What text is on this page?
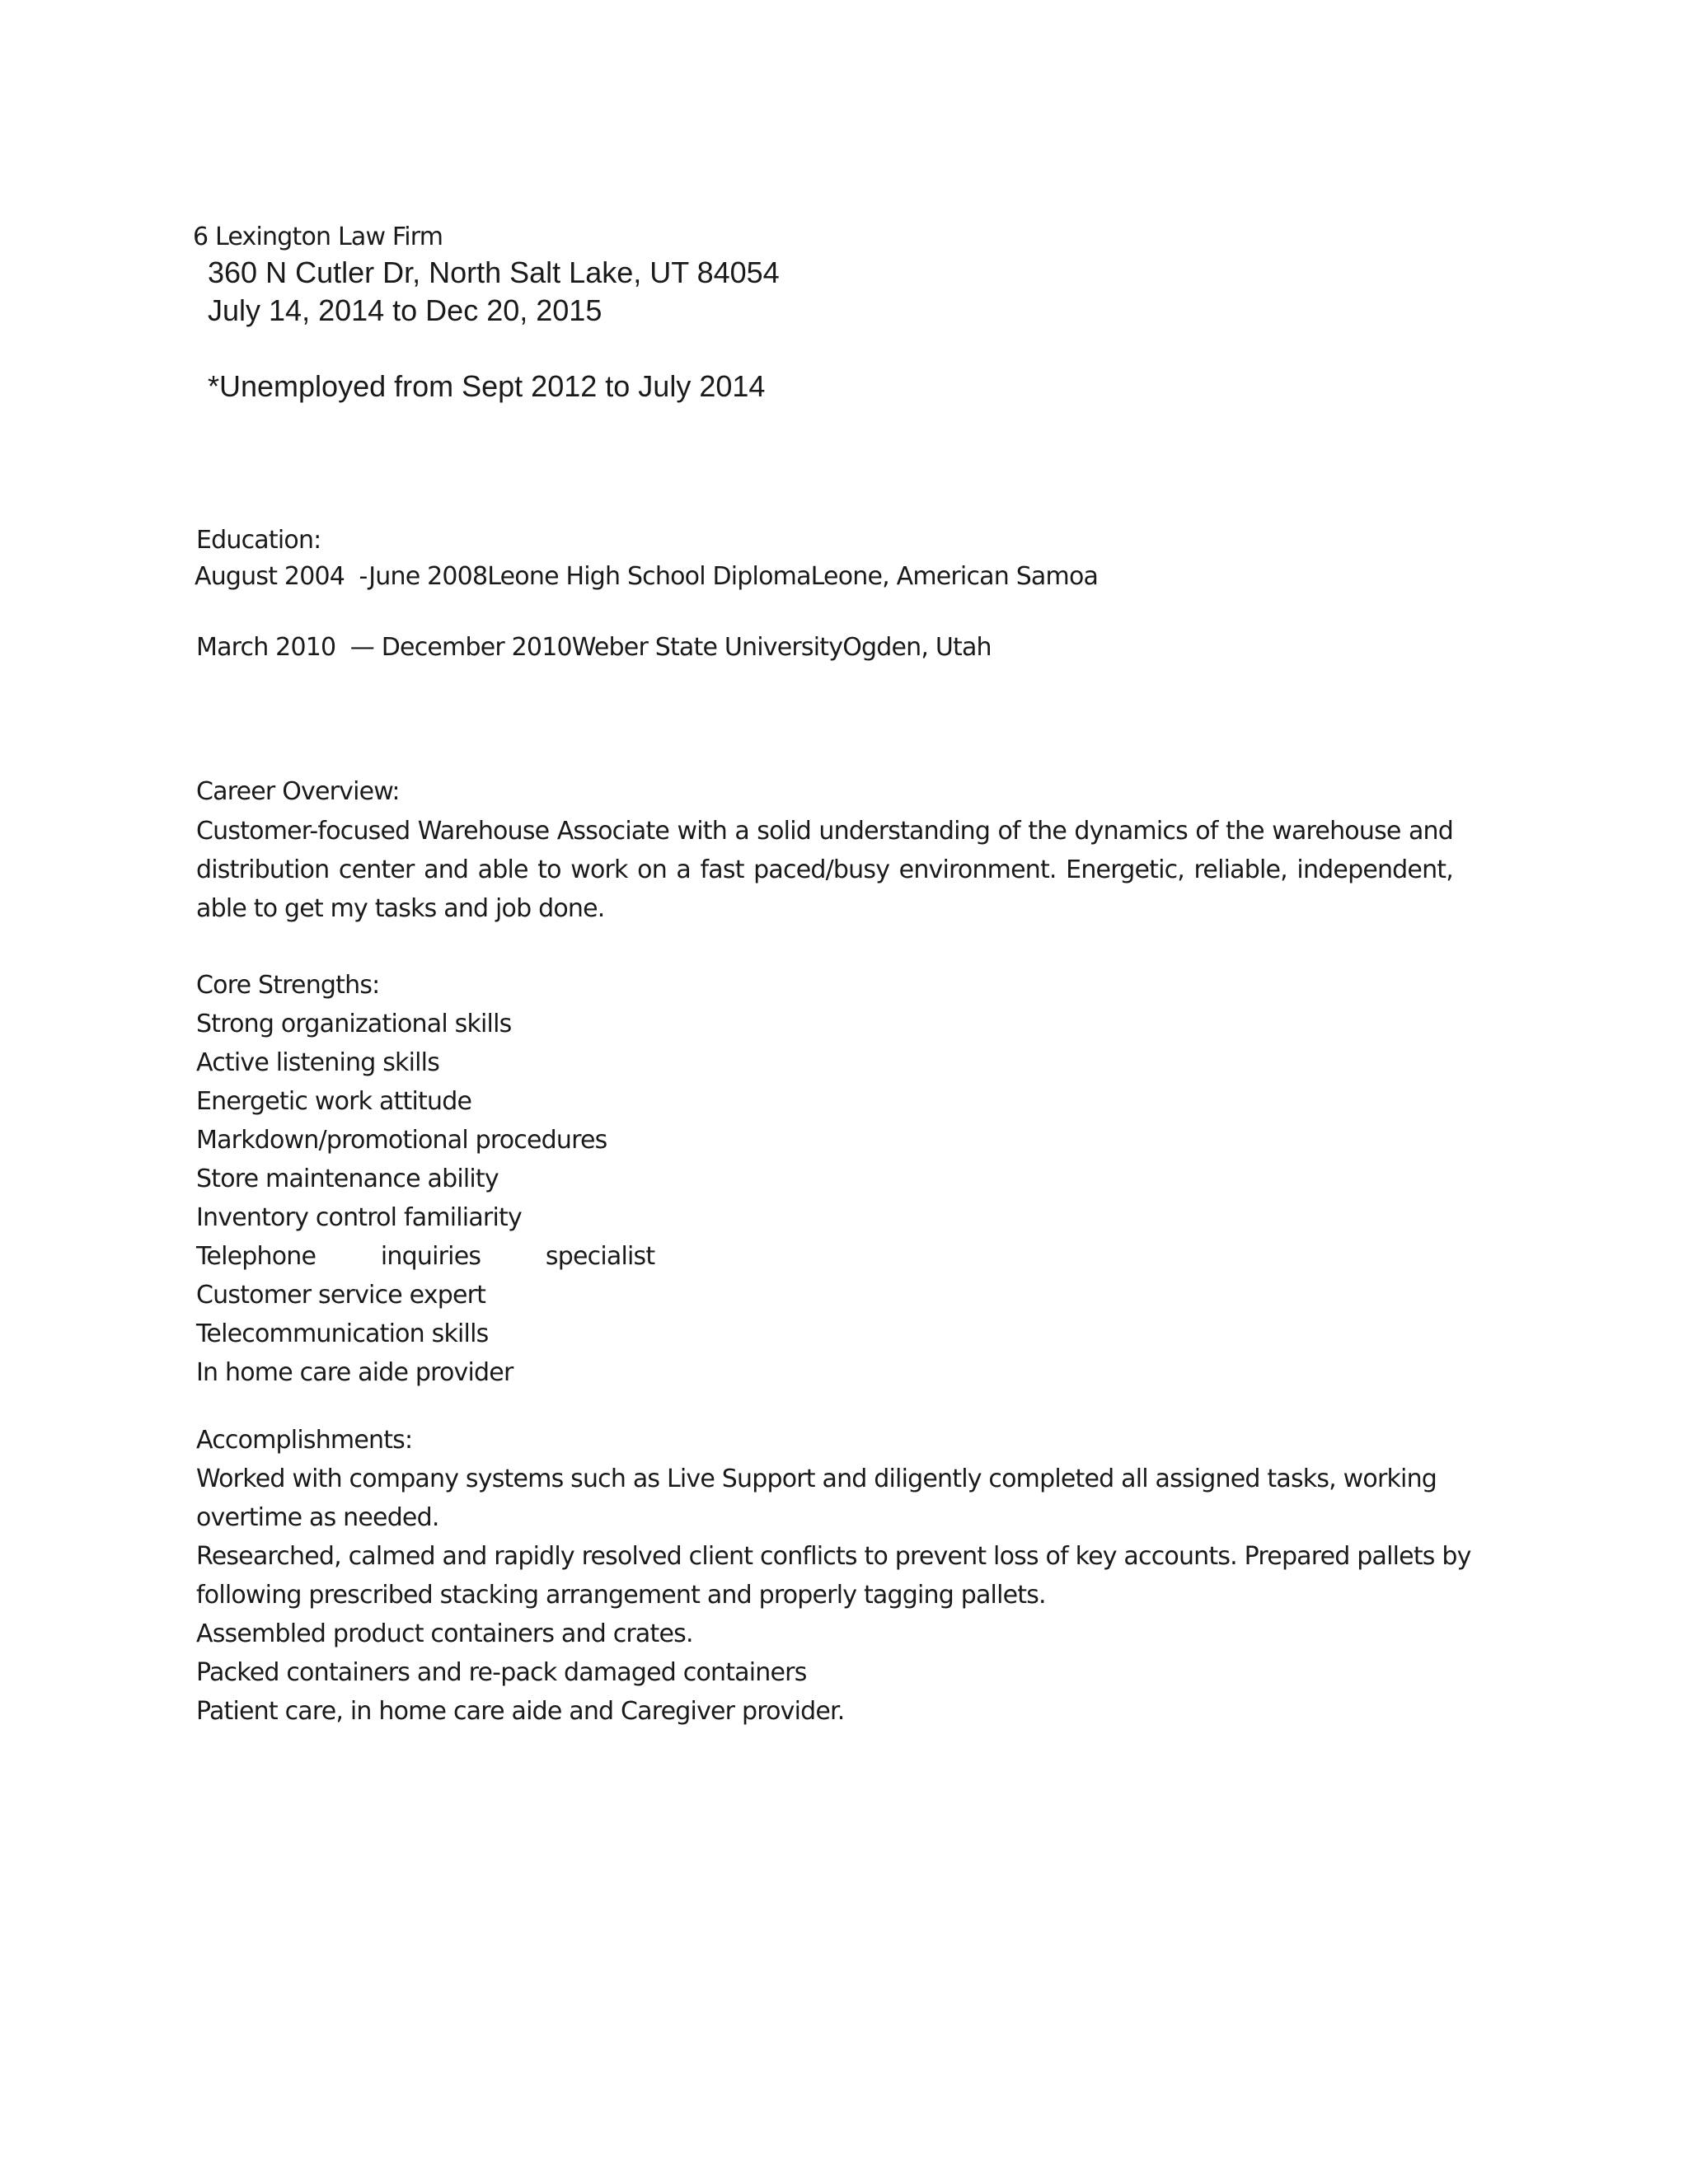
6 Lexington Law Firm
360 N Cutler Dr, North Salt Lake, UT 84054
July 14, 2014 to Dec 20, 2015
*Unemployed from Sept 2012 to July 2014
Education:
August 2004  -June 2008Leone High School DiplomaLeone, American Samoa
March 2010  — December 2010Weber State UniversityOgden, Utah
Career Overview:

Customer-focused Warehouse Associate with a solid understanding of the dynamics of the warehouse and distribution center and able to work on a fast paced/busy environment. Energetic, reliable, independent, able to get my tasks and job done.

Core Strengths:
Strong organizational skills
Active listening skills
Energetic work attitude
Markdown/promotional procedures
Store maintenance ability
Inventory control familiarity
Telephone inquiries specialist
Customer service expert
Telecommunication skills
In home care aide provider
Accomplishments:
Worked with company systems such as Live Support and diligently completed all assigned tasks, working overtime as needed.
Researched, calmed and rapidly resolved client conflicts to prevent loss of key accounts. Prepared pallets by following prescribed stacking arrangement and properly tagging pallets.
Assembled product containers and crates.
Packed containers and re-pack damaged containers
Patient care, in home care aide and Caregiver provider.
